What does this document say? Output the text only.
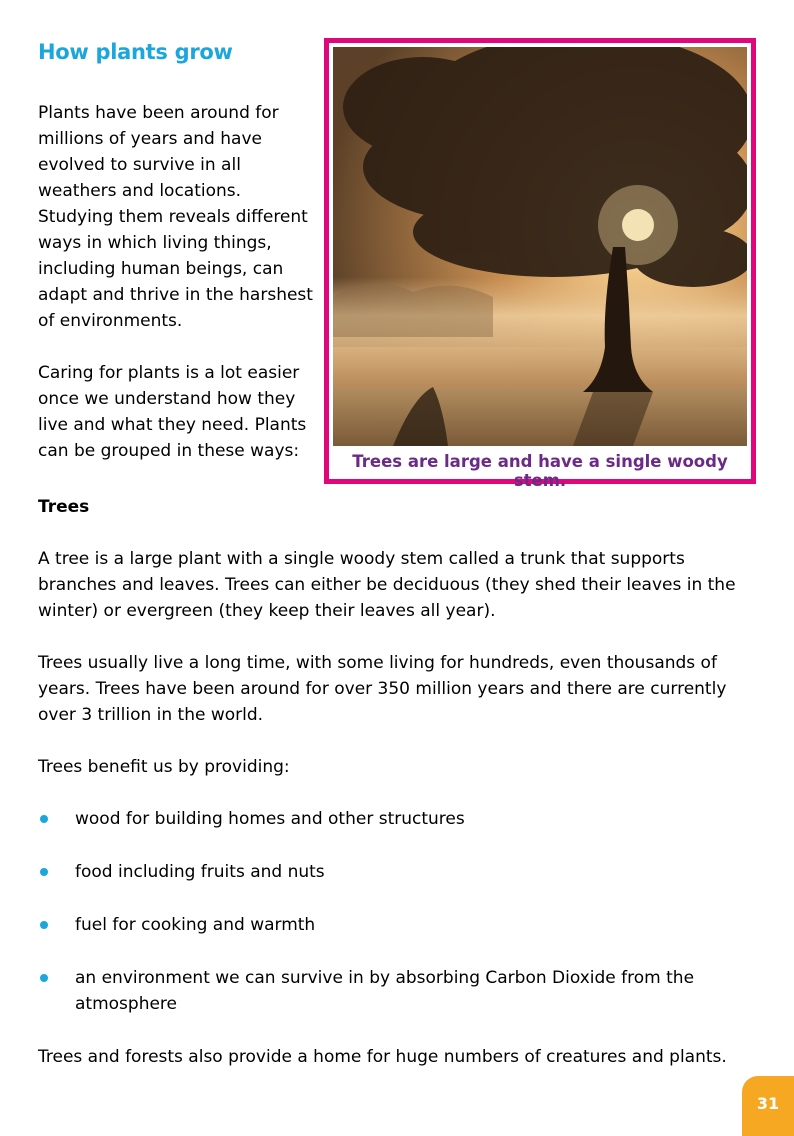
How plants grow

Plants have been around for millions of years and have evolved to survive in all weathers and locations. Studying them reveals different ways in which living things, including human beings, can adapt and thrive in the harshest of environments.

Caring for plants is a lot easier once we understand how they live and what they need. Plants can be grouped in these ways:

Trees are large and have a single woody stem.

Trees

A tree is a large plant with a single woody stem called a trunk that supports branches and leaves. Trees can either be deciduous (they shed their leaves in the winter) or evergreen (they keep their leaves all year).

Trees usually live a long time, with some living for hundreds, even thousands of years. Trees have been around for over 350 million years and there are currently over 3 trillion in the world.

Trees benefit us by providing:

wood for building homes and other structures
food including fruits and nuts
fuel for cooking and warmth
an environment we can survive in by absorbing Carbon Dioxide from the atmosphere

Trees and forests also provide a home for huge numbers of creatures and plants.

31
